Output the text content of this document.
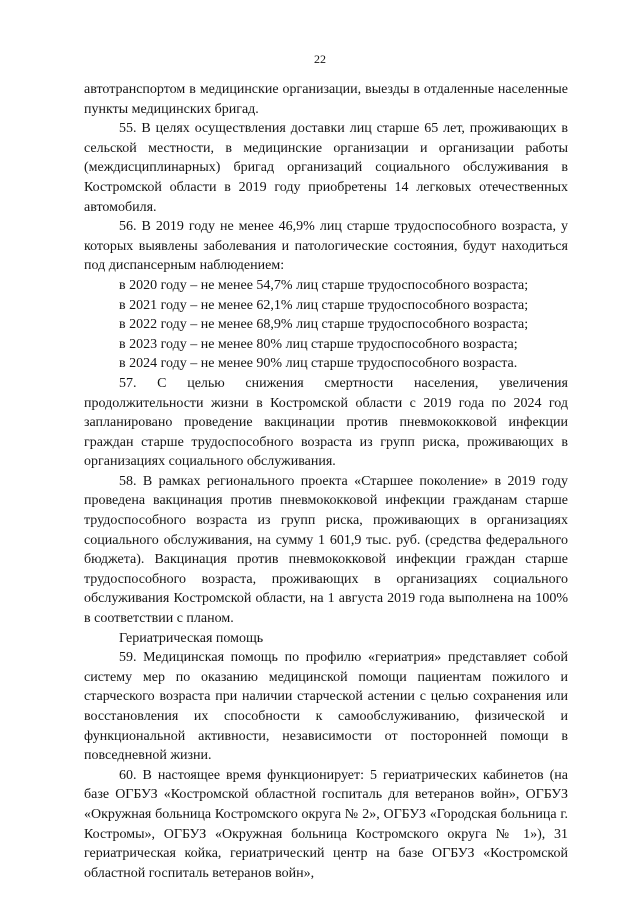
22

автотранспортом в медицинские организации, выезды в отдаленные населенные пункты медицинских бригад.

55. В целях осуществления доставки лиц старше 65 лет, проживающих в сельской местности, в медицинские организации и организации работы (междисциплинарных) бригад организаций социального обслуживания в Костромской области в 2019 году приобретены 14 легковых отечественных автомобиля.

56. В 2019 году не менее 46,9% лиц старше трудоспособного возраста, у которых выявлены заболевания и патологические состояния, будут находиться под диспансерным наблюдением:

в 2020 году – не менее 54,7% лиц старше трудоспособного возраста;

в 2021 году – не менее 62,1% лиц старше трудоспособного возраста;

в 2022 году – не менее 68,9% лиц старше трудоспособного возраста;

в 2023 году – не менее 80% лиц старше трудоспособного возраста;

в 2024 году – не менее 90% лиц старше трудоспособного возраста.

57. С целью снижения смертности населения, увеличения продолжительности жизни в Костромской области с 2019 года по 2024 год запланировано проведение вакцинации против пневмококковой инфекции граждан старше трудоспособного возраста из групп риска, проживающих в организациях социального обслуживания.

58. В рамках регионального проекта «Старшее поколение» в 2019 году проведена вакцинация против пневмококковой инфекции гражданам старше трудоспособного возраста из групп риска, проживающих в организациях социального обслуживания, на сумму 1 601,9 тыс. руб. (средства федерального бюджета). Вакцинация против пневмококковой инфекции граждан старше трудоспособного возраста, проживающих в организациях социального обслуживания Костромской области, на 1 августа 2019 года выполнена на 100% в соответствии с планом.

Гериатрическая помощь

59. Медицинская помощь по профилю «гериатрия» представляет собой систему мер по оказанию медицинской помощи пациентам пожилого и старческого возраста при наличии старческой астении с целью сохранения или восстановления их способности к самообслуживанию, физической и функциональной активности, независимости от посторонней помощи в повседневной жизни.

60. В настоящее время функционирует: 5 гериатрических кабинетов (на базе ОГБУЗ «Костромской областной госпиталь для ветеранов войн», ОГБУЗ «Окружная больница Костромского округа № 2», ОГБУЗ «Городская больница г. Костромы», ОГБУЗ «Окружная больница Костромского округа № 1»), 31 гериатрическая койка, гериатрический центр на базе ОГБУЗ «Костромской областной госпиталь ветеранов войн»,
